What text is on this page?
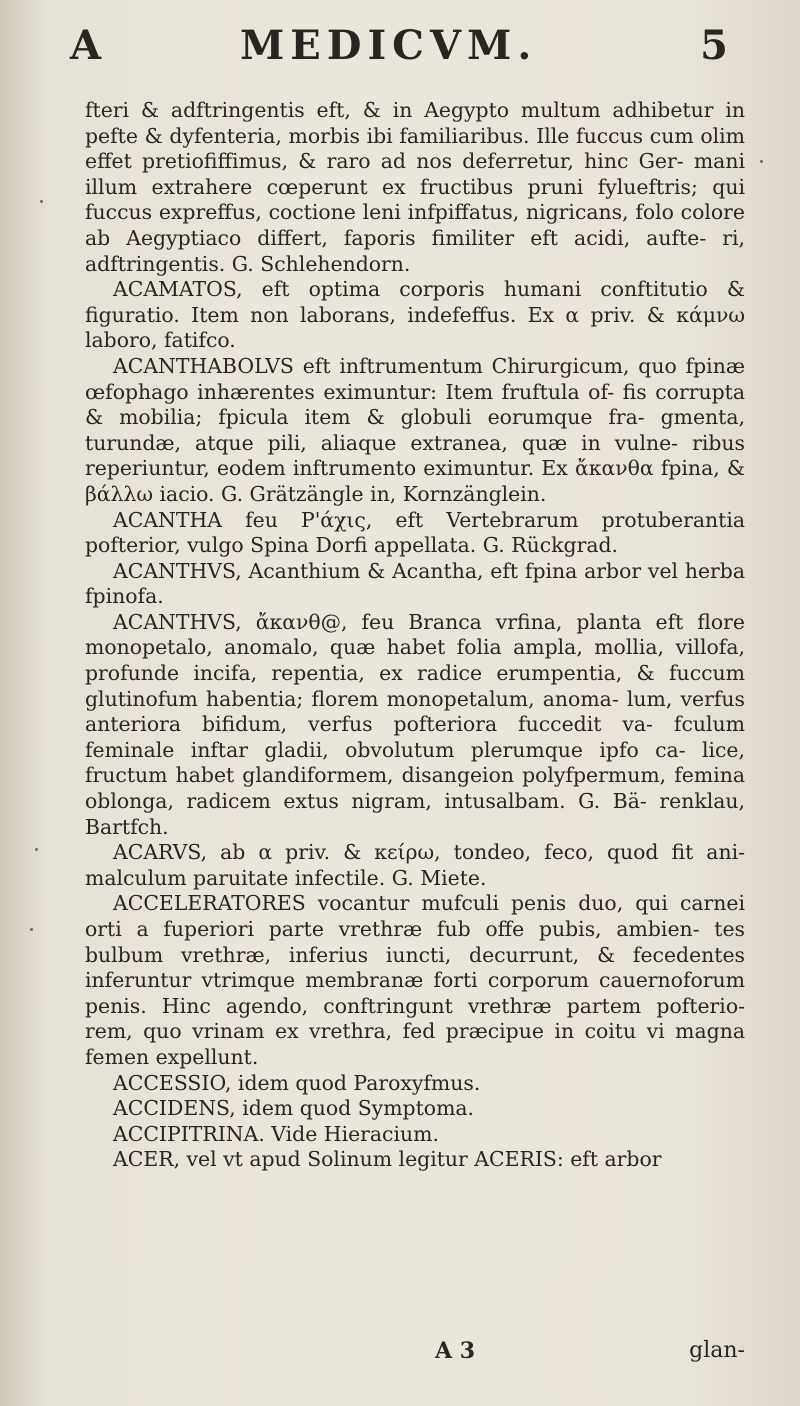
A	MEDICVM.	5

fteri & adftringentis eft, & in Aegypto multum adhibetur in pefte & dyfenteria, morbis ibi familiaribus. Ille fuccus cum olim effet pretiofiffimus, & raro ad nos deferretur, hinc Ger- mani illum extrahere cœperunt ex fructibus pruni fylueftris; qui fuccus expreffus, coctione leni infpiffatus, nigricans, folo colore ab Aegyptiaco differt, faporis fimiliter eft acidi, aufte- ri, adftringentis. G. Schlehendorn.

ACAMATOS, eft optima corporis humani conftitutio & figuratio. Item non laborans, indefeffus. Ex α priv. & κάμνω laboro, fatifco.

ACANTHABOLVS eft inftrumentum Chirurgicum, quo fpinæ œfophago inhærentes eximuntur: Item fruftula of- fis corrupta & mobilia; fpicula item & globuli eorumque fra- gmenta, turundæ, atque pili, aliaque extranea, quæ in vulne- ribus reperiuntur, eodem inftrumento eximuntur. Ex ἄκανθα fpina, & βάλλω iacio. G. Grätzängle in, Kornzänglein.

ACANTHA feu P'άχις, eft Vertebrarum protuberantia pofterior, vulgo Spina Dorfi appellata. G. Rückgrad.

ACANTHVS, Acanthium & Acantha, eft fpina arbor vel herba fpinofa.

ACANTHVS, ἄκανθ@, feu Branca vrfina, planta eft flore monopetalo, anomalo, quæ habet folia ampla, mollia, villofa, profunde incifa, repentia, ex radice erumpentia, & fuccum glutinofum habentia; florem monopetalum, anoma- lum, verfus anteriora bifidum, verfus pofteriora fuccedit va- fculum feminale inftar gladii, obvolutum plerumque ipfo ca- lice, fructum habet glandiformem, disangeion polyfpermum, femina oblonga, radicem extus nigram, intusalbam. G. Bä- renklau, Bartfch.

ACARVS, ab α priv. & κείρω, tondeo, feco, quod fit ani- malculum paruitate infectile. G. Miete.

ACCELERATORES vocantur mufculi penis duo, qui carnei orti a fuperiori parte vrethræ fub offe pubis, ambien- tes bulbum vrethræ, inferius iuncti, decurrunt, & fecedentes inferuntur vtrimque membranæ forti corporum cauernoforum penis. Hinc agendo, conftringunt vrethræ partem pofterio- rem, quo vrinam ex vrethra, fed præcipue in coitu vi magna femen expellunt.

ACCESSIO, idem quod Paroxyfmus.

ACCIDENS, idem quod Symptoma.

ACCIPITRINA. Vide Hieracium.

ACER, vel vt apud Solinum legitur ACERIS: eft arbor

A 3	glan-
